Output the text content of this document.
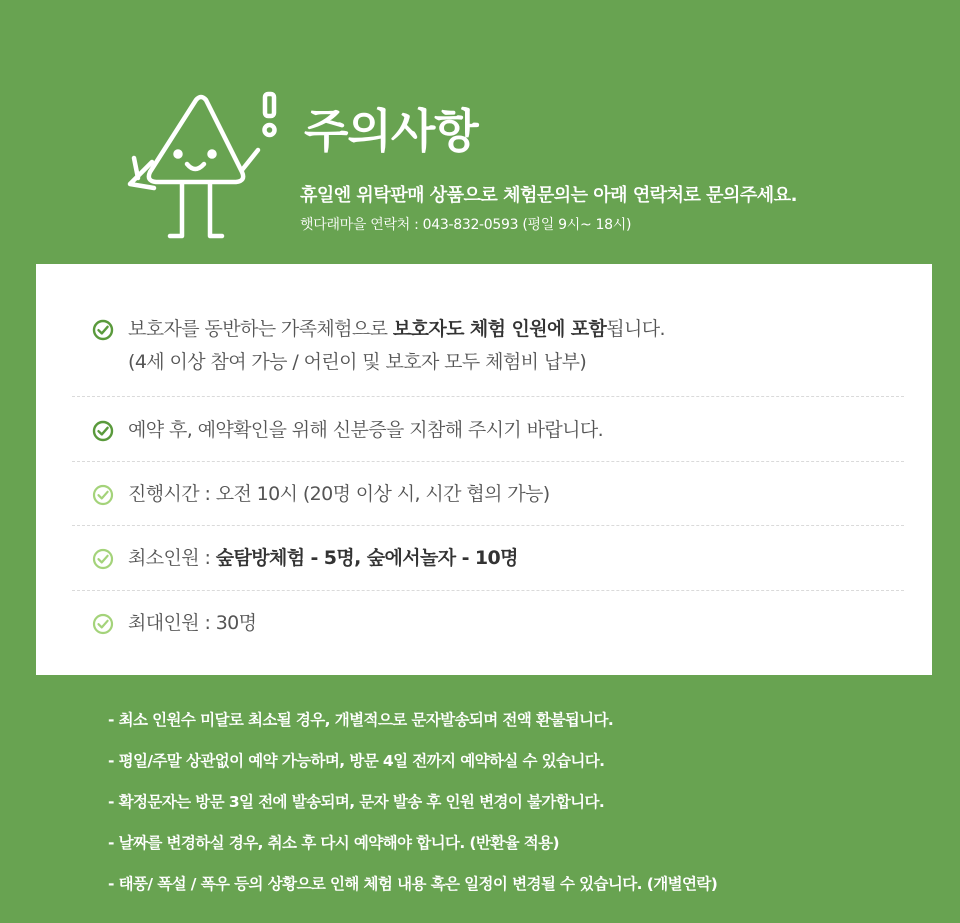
주의사항
휴일엔 위탁판매 상품으로 체험문의는 아래 연락처로 문의주세요.
햇다래마을 연락처 : 043-832-0593 (평일 9시~ 18시)
보호자를 동반하는 가족체험으로 보호자도 체험 인원에 포함됩니다.
(4세 이상 참여 가능 / 어린이 및 보호자 모두 체험비 납부)
예약 후, 예약확인을 위해 신분증을 지참해 주시기 바랍니다.
진행시간 : 오전 10시 (20명 이상 시, 시간 협의 가능)
최소인원 : 숲탐방체험 - 5명, 숲에서놀자 - 10명
최대인원 : 30명
- 최소 인원수 미달로 최소될 경우, 개별적으로 문자발송되며 전액 환불됩니다.
- 평일/주말 상관없이 예약 가능하며, 방문 4일 전까지 예약하실 수 있습니다.
- 확정문자는 방문 3일 전에 발송되며, 문자 발송 후 인원 변경이 불가합니다.
- 날짜를 변경하실 경우, 취소 후 다시 예약해야 합니다. (반환율 적용)
- 태풍/ 폭설 / 폭우 등의 상황으로 인해 체험 내용 혹은 일정이 변경될 수 있습니다. (개별연락)
